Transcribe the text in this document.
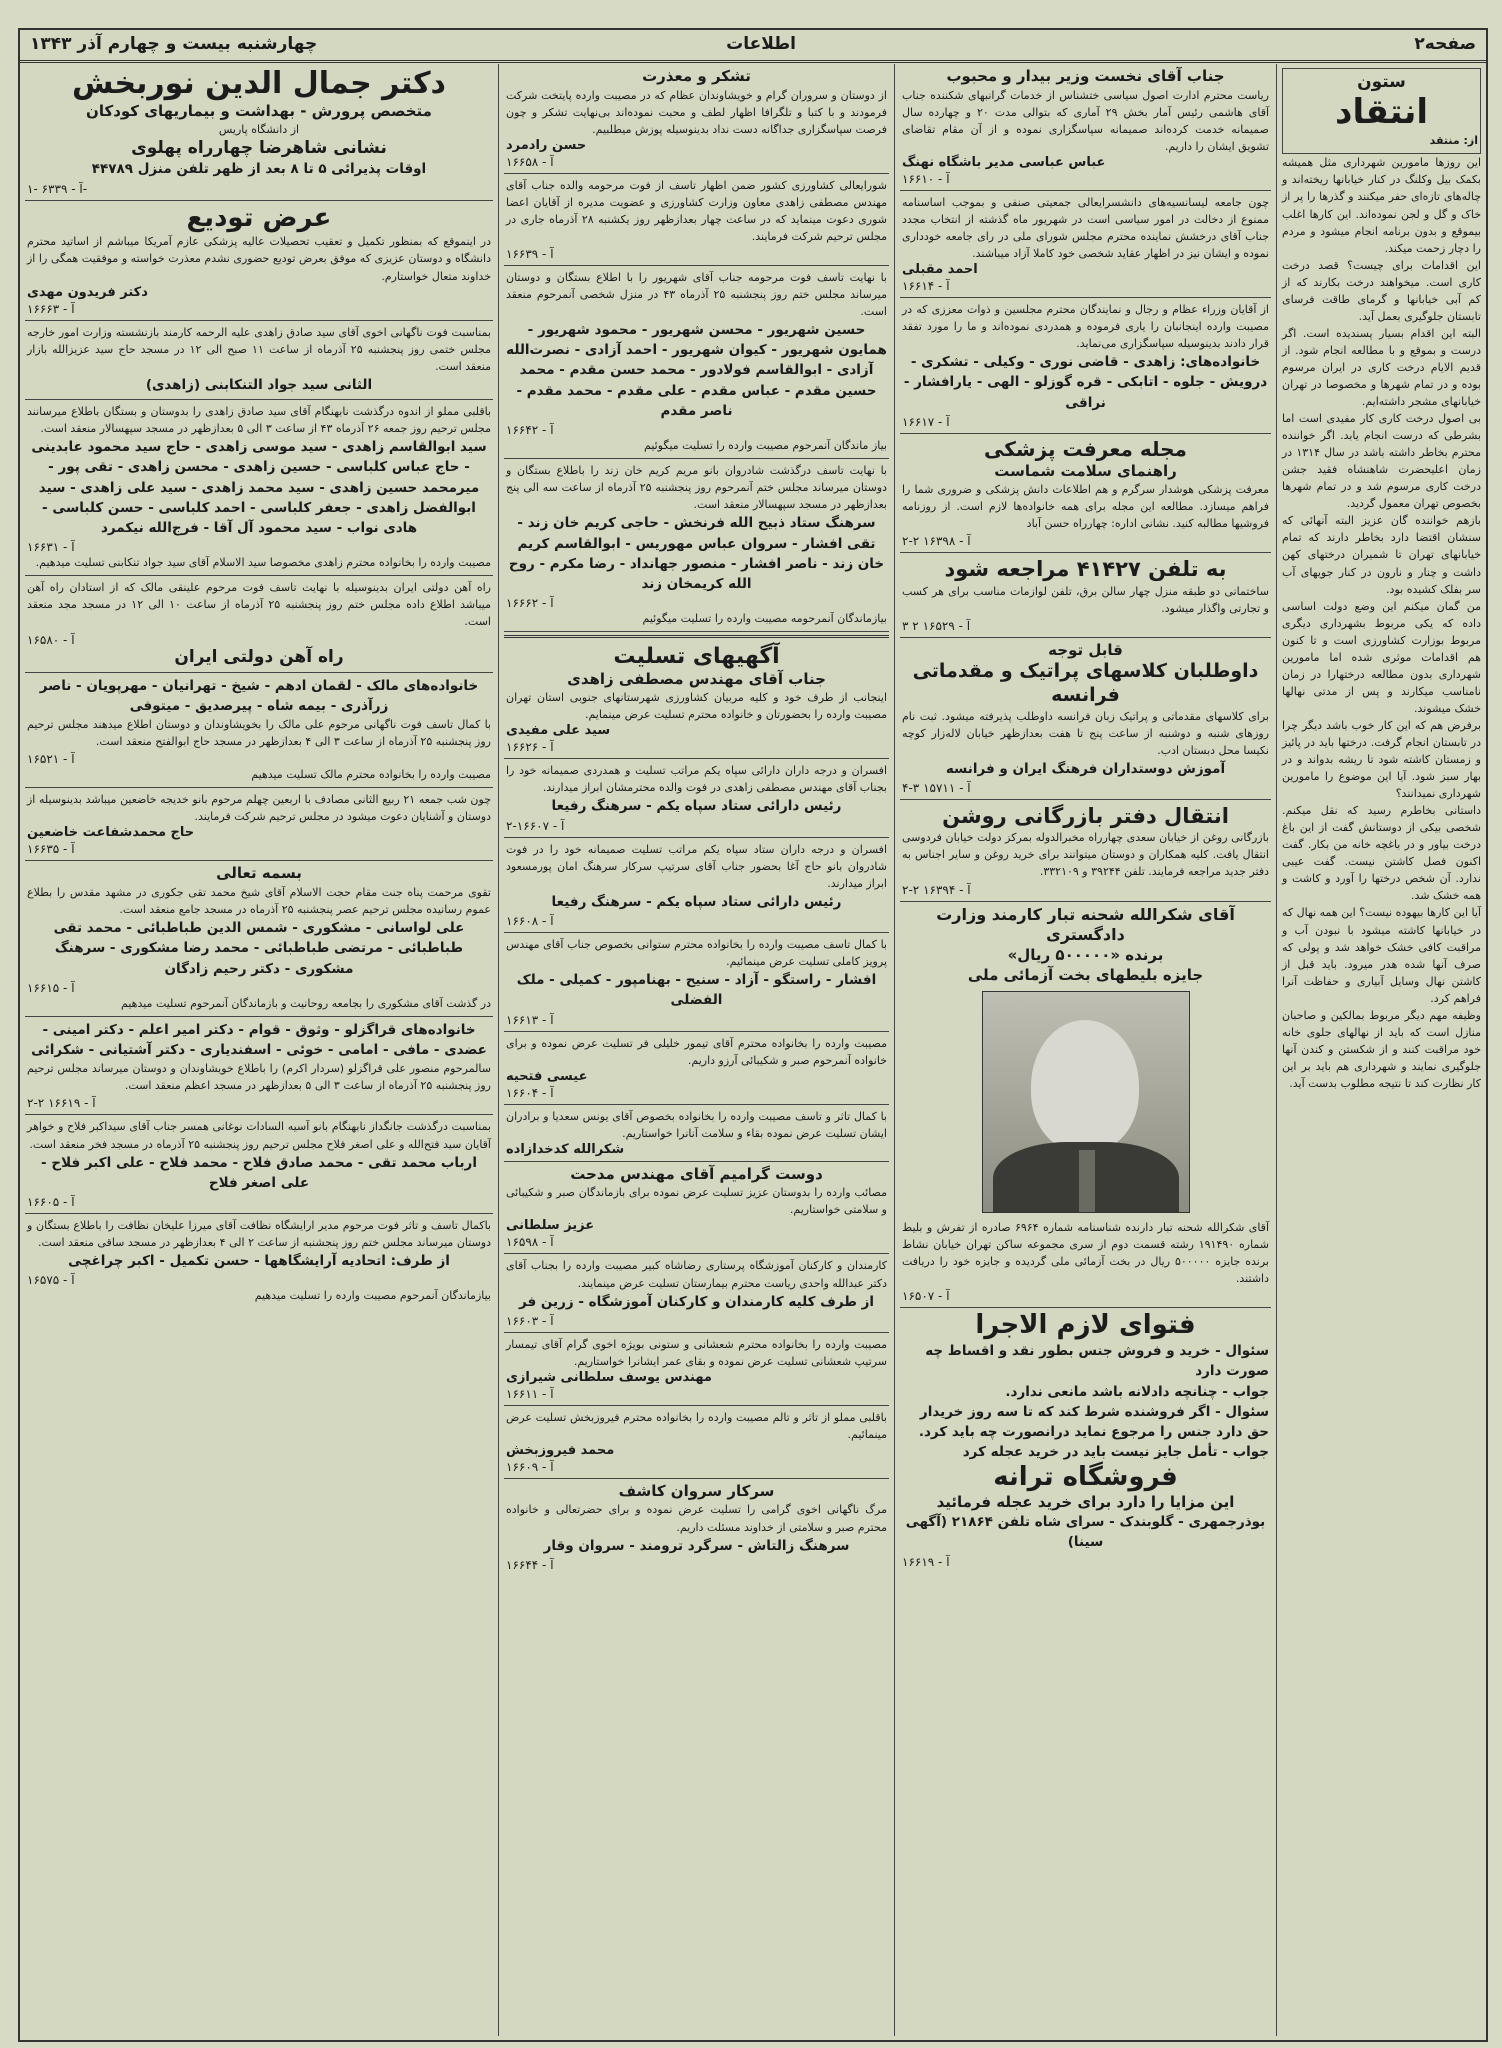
صفحه۲
اطلاعات
چهارشنبه بیست و چهارم آذر ۱۳۴۳
ستون
انتقاد
از: منتقد
این روزها مامورین شهرداری مثل همیشه بکمک بیل وکلنگ در کنار خیابانها ریخته‌اند و چاله‌های تازه‌ای حفر میکنند و گذرها را پر از خاک و گل و لجن نموده‌اند. این کارها اغلب بیموقع و بدون برنامه انجام میشود و مردم را دچار زحمت میکند.
این اقدامات برای چیست؟ قصد درخت کاری است. میخواهند درخت بکارند که از کم آبی خیابانها و گرمای طاقت فرسای تابستان جلوگیری بعمل آید.
البته این اقدام بسیار پسندیده است. اگر درست و بموقع و با مطالعه انجام شود. از قدیم الایام درخت کاری در ایران مرسوم بوده و در تمام شهرها و مخصوصا در تهران خیابانهای مشجر داشته‌ایم.
بی اصول درخت کاری کار مفیدی است اما بشرطی که درست انجام یابد. اگر خواننده محترم بخاطر داشته باشد در سال ۱۳۱۴ در زمان اعلیحضرت شاهنشاه فقید جشن درخت کاری مرسوم شد و در تمام شهرها بخصوص تهران معمول گردید.
بازهم خواننده گان عزیز البته آنهائی که سنشان اقتضا دارد بخاطر دارند که تمام خیابانهای تهران تا شمیران درختهای کهن داشت و چنار و نارون در کنار جویهای آب سر بفلک کشیده بود.
من گمان میکنم این وضع دولت اساسی داده که یکی مربوط بشهرداری دیگری مربوط بوزارت کشاورزی است و تا کنون هم اقدامات موثری شده اما مامورین شهرداری بدون مطالعه درختهارا در زمان نامناسب میکارند و پس از مدتی نهالها خشک میشوند.
برفرض هم که این کار خوب باشد دیگر چرا در تابستان انجام گرفت. درختها باید در پائیز و زمستان کاشته شود تا ریشه بدواند و در بهار سبز شود. آیا این موضوع را مامورین شهرداری نمیدانند؟
داستانی بخاطرم رسید که نقل میکنم. شخصی بیکی از دوستانش گفت از این باغ درخت بیاور و در باغچه خانه من بکار. گفت اکنون فصل کاشتن نیست. گفت عیبی ندارد. آن شخص درختها را آورد و کاشت و همه خشک شد.
آیا این کارها بیهوده نیست؟ این همه نهال که در خیابانها کاشته میشود با نبودن آب و مراقبت کافی خشک خواهد شد و پولی که صرف آنها شده هدر میرود. باید قبل از کاشتن نهال وسایل آبیاری و حفاظت آنرا فراهم کرد.
وظیفه مهم دیگر مربوط بمالکین و صاحبان منازل است که باید از نهالهای جلوی خانه خود مراقبت کنند و از شکستن و کندن آنها جلوگیری نمایند و شهرداری هم باید بر این کار نظارت کند تا نتیجه مطلوب بدست آید.
جناب آقای نخست وزیر بیدار و محبوب
ریاست محترم ادارت اصول سیاسی ختشناس از خدمات گرانبهای شکننده جناب آقای هاشمی رئیس آمار بخش ۲۹ آماری که بتوالی مدت ۲۰ و چهارده سال صمیمانه خدمت کرده‌اند صمیمانه سپاسگزاری نموده و از آن مقام تقاضای تشویق ایشان را داریم.
عباس عباسی مدیر باشگاه نهنگ
آ - ۱۶۶۱۰
چون جامعه لیسانسیه‌های دانشسرایعالی جمعیتی صنفی و بموجب اساسنامه ممنوع از دخالت در امور سیاسی است در شهریور ماه گذشته از انتخاب مجدد جناب آقای درخشش نماینده محترم مجلس شورای ملی در رای جامعه خودداری نموده و ایشان نیز در اظهار عقاید شخصی خود کاملا آزاد میباشند.
احمد مقبلی
آ - ۱۶۶۱۴
از آقایان وزراء عظام و رجال و نمایندگان محترم مجلسین و ذوات معززی که در مصیبت وارده اینجانبان را یاری فرموده و همدردی نموده‌اند و ما را مورد تفقد قرار دادند بدینوسیله سپاسگزاری می‌نماید.
خانواده‌های: زاهدی - قاضی نوری - وکیلی - تشکری - درویش - جلوه - اتابکی - قره گوزلو - الهی - یارافشار - نراقی
آ - ۱۶۶۱۷
مجله معرفت پزشکی
راهنمای سلامت شماست
معرفت پزشکی هوشدار سرگرم و هم اطلاعات دانش پزشکی و ضروری شما را فراهم میسازد. مطالعه این مجله برای همه خانواده‌ها لازم است. از روزنامه فروشیها مطالبه کنید. نشانی اداره: چهارراه حسن آباد
آ - ۱۶۳۹۸ ۲-۲
به تلفن ۴۱۴۲۷ مراجعه شود
ساختمانی دو طبقه منزل چهار سالن برق، تلفن لوازمات مناسب برای هر کسب و تجارتی واگذار میشود.
آ - ۱۶۵۲۹ ۲ ۳
قابل توجه
داوطلبان کلاسهای پراتیک و مقدماتی فرانسه
برای کلاسهای مقدماتی و پراتیک زبان فرانسه داوطلب پذیرفته میشود. ثبت نام روزهای شنبه و دوشنبه از ساعت پنج تا هفت بعدازظهر خیابان لاله‌زار کوچه نکیسا محل دبستان ادب.
آموزش دوستداران فرهنگ ایران و فرانسه
آ - ۱۵۷۱۱ ۳-۴
انتقال دفتر بازرگانی روشن
بازرگانی روغن از خیابان سعدی چهارراه مخبرالدوله بمرکز دولت خیابان فردوسی انتقال یافت. کلیه همکاران و دوستان میتوانند برای خرید روغن و سایر اجناس به دفتر جدید مراجعه فرمایند. تلفن ۳۹۲۴۴ و ۳۳۲۱۰۹.
آ - ۱۶۳۹۴ ۲-۲
آقای شکرالله شحنه تبار کارمند وزارت دادگستری
برنده «۵۰۰۰۰۰ ریال»
جایزه بلیطهای بخت آزمائی ملی
آقای شکرالله شحنه تبار دارنده شناسنامه شماره ۶۹۶۴ صادره از تفرش و بلیط شماره ۱۹۱۴۹۰ رشته قسمت دوم از سری مجموعه ساکن تهران خیابان نشاط برنده جایزه ۵۰۰۰۰۰ ریال در بخت آزمائی ملی گردیده و جایزه خود را دریافت داشتند.
آ - ۱۶۵۰۷
فتوای لازم الاجرا
سئوال - خرید و فروش جنس بطور نقد و اقساط چه صورت دارد
جواب - چنانچه دادلانه باشد مانعی ندارد.
سئوال - اگر فروشنده شرط کند که تا سه روز خریدار حق دارد جنس را مرجوع نماید درانصورت چه باید کرد.
جواب - تأمل جایز نیست باید در خرید عجله کرد
فروشگاه ترانه
این مزایا را دارد برای خرید عجله فرمائید
بوذرجمهری - گلوبندک - سرای شاه تلفن ۲۱۸۶۴ (آگهی سینا)
آ - ۱۶۶۱۹
تشکر و معذرت
از دوستان و سروران گرام و خویشاوندان عظام که در مصیبت وارده پایتخت شرکت فرمودند و با کتبا و تلگرافا اظهار لطف و محبت نموده‌اند بی‌نهایت تشکر و چون فرصت سپاسگزاری جداگانه دست نداد بدینوسیله پوزش میطلبیم.
حسن رادمرد
آ - ۱۶۶۵۸
شورایعالی کشاورزی کشور ضمن اظهار تاسف از فوت مرحومه والده جناب آقای مهندس مصطفی زاهدی معاون وزارت کشاورزی و عضویت مدیره از آقایان اعضا شوری دعوت مینماید که در ساعت چهار بعدازظهر روز یکشنبه ۲۸ آذرماه جاری در مجلس ترحیم شرکت فرمایند.
آ - ۱۶۶۳۹
با نهایت تاسف فوت مرحومه جناب آقای شهریور را با اطلاع بستگان و دوستان میرساند مجلس ختم روز پنجشنبه ۲۵ آذرماه ۴۳ در منزل شخصی آنمرحوم منعقد است.
حسین شهریور - محسن شهریور - محمود شهریور - همایون شهریور - کیوان شهریور - احمد آزادی - نصرت‌الله آزادی - ابوالقاسم فولادور - محمد حسن مقدم - محمد حسین مقدم - عباس مقدم - علی مقدم - محمد مقدم - ناصر مقدم
آ - ۱۶۶۴۲
بیاز ماندگان آنمرحوم مصیبت وارده را تسلیت میگوئیم
با نهایت تاسف درگذشت شادروان بانو مریم کریم خان زند را باطلاع بستگان و دوستان میرساند مجلس ختم آنمرحوم روز پنجشنبه ۲۵ آذرماه از ساعت سه الی پنج بعدازظهر در مسجد سپهسالار منعقد است.
سرهنگ ستاد ذبیح الله فرنخش - حاجی کریم خان زند - تقی افشار - سروان عباس مهوریس - ابوالقاسم کریم خان زند - ناصر افشار - منصور جهانداد - رضا مکرم - روح الله کریمخان زند
آ - ۱۶۶۶۲
بیازماندگان آنمرحومه مصیبت وارده را تسلیت میگوئیم
آگهیهای تسلیت
جناب آقای مهندس مصطفی زاهدی
اینجانب از طرف خود و کلیه مربیان کشاورزی شهرستانهای جنوبی استان تهران مصیبت وارده را بحضورتان و خانواده محترم تسلیت عرض مینمایم.
سید علی مفیدی
آ - ۱۶۶۲۶
افسران و درجه داران دارائی سپاه یکم مراتب تسلیت و همدردی صمیمانه خود را بجناب آقای مهندس مصطفی زاهدی در فوت والده محترمشان ابراز میدارند.
رئیس دارائی ستاد سپاه یکم - سرهنگ رفیعا
آ - ۱۶۶۰۷-۲
افسران و درجه داران ستاد سپاه یکم مراتب تسلیت صمیمانه خود را در فوت شادروان بانو حاج آغا بحضور جناب آقای سرتیپ سرکار سرهنگ امان پورمسعود ابراز میدارند.
رئیس دارائی ستاد سپاه یکم - سرهنگ رفیعا
آ - ۱۶۶۰۸
با کمال تاسف مصیبت وارده را بخانواده محترم ستوانی بخصوص جناب آقای مهندس پرویز کاملی تسلیت عرض مینمائیم.
افشار - راستگو - آزاد - سنیح - بهنامپور - کمیلی - ملک الفضلی
آ - ۱۶۶۱۳
مصیبت وارده را بخانواده محترم آقای تیمور خلیلی فر تسلیت عرض نموده و برای خانواده آنمرحوم صبر و شکیبائی آرزو داریم.
عیسی فتحیه
آ - ۱۶۶۰۴
با کمال تاثر و تاسف مصیبت وارده را بخانواده بخصوص آقای یونس سعدیا و برادران ایشان تسلیت عرض نموده بقاء و سلامت آنانرا خواستاریم.
شکرالله کدخدازاده
دوست گرامیم آقای مهندس مدحت
مصائب وارده را بدوستان عزیز تسلیت عرض نموده برای بازماندگان صبر و شکیبائی و سلامتی خواستاریم.
عزیز سلطانی
آ - ۱۶۵۹۸
کارمندان و کارکنان آموزشگاه پرستاری رضاشاه کبیر مصیبت وارده را بجناب آقای دکتر عبدالله واحدی ریاست محترم بیمارستان تسلیت عرض مینمایند.
از طرف کلیه کارمندان و کارکنان آموزشگاه - زرین فر
آ - ۱۶۶۰۳
مصیبت وارده را بخانواده محترم شعشانی و ستونی بویژه اخوی گرام آقای تیمسار سرتیپ شعشانی تسلیت عرض نموده و بقای عمر ایشانرا خواستاریم.
مهندس یوسف سلطانی شیرازی
آ - ۱۶۶۱۱
باقلبی مملو از تاثر و تالم مصیبت وارده را بخانواده محترم فیروزبخش تسلیت عرض مینمائیم.
محمد فیروزبخش
آ - ۱۶۶۰۹
سرکار سروان کاشف
مرگ ناگهانی اخوی گرامی را تسلیت عرض نموده و برای حضرتعالی و خانواده محترم صبر و سلامتی از خداوند مسئلت داریم.
سرهنگ زالتاش - سرگرد ترومند - سروان وقار
آ - ۱۶۶۴۴
دکتر جمال الدین نوربخش
متخصص پرورش - بهداشت و بیماریهای کودکان
از دانشگاه پاریس
نشانی شاهرضا چهارراه پهلوی
اوقات پذیرائی ۵ تا ۸ بعد از ظهر تلفن منزل ۴۴۷۸۹
آ - ۶۳۳۹ -۱-
عرض تودیع
در اینموقع که بمنظور تکمیل و تعقیب تحصیلات عالیه پزشکی عازم آمریکا میباشم از اساتید محترم دانشگاه و دوستان عزیزی که موفق بعرض تودیع حضوری نشدم معذرت خواسته و موفقیت همگی را از خداوند متعال خواستارم.
دکتر فریدون مهدی
آ - ۱۶۶۶۳
بمناسبت فوت ناگهانی اخوی آقای سید صادق زاهدی علیه الرحمه کارمند بازنشسته وزارت امور خارجه مجلس ختمی روز پنجشنبه ۲۵ آذرماه از ساعت ۱۱ صبح الی ۱۲ در مسجد حاج سید عزیزالله بازار منعقد است.
الثانی سید جواد التنکابنی (زاهدی)
باقلبی مملو از اندوه درگذشت نابهنگام آقای سید صادق زاهدی را بدوستان و بستگان باطلاع میرسانند مجلس ترحیم روز جمعه ۲۶ آذرماه ۴۳ از ساعت ۳ الی ۵ بعدازظهر در مسجد سپهسالار منعقد است.
سید ابوالقاسم زاهدی - سید موسی زاهدی - حاج سید محمود عابدینی - حاج عباس کلباسی - حسین زاهدی - محسن زاهدی - تقی پور - میرمحمد حسین زاهدی - سید محمد زاهدی - سید علی زاهدی - سید ابوالفضل زاهدی - جعفر کلباسی - احمد کلباسی - حسن کلباسی - هادی نواب - سید محمود آل آقا - فرج‌الله نیکمرد
آ - ۱۶۶۳۱
مصیبت وارده را بخانواده محترم زاهدی مخصوصا سید الاسلام آقای سید جواد تنکابنی تسلیت میدهیم.
راه آهن دولتی ایران بدینوسیله با نهایت تاسف فوت مرحوم علینقی مالک که از استادان راه آهن میباشد اطلاع داده مجلس ختم روز پنجشنبه ۲۵ آذرماه از ساعت ۱۰ الی ۱۲ در مسجد مجد منعقد است.
آ - ۱۶۵۸۰
راه آهن دولتی ایران
خانواده‌های مالک - لقمان ادهم - شیخ - تهرانیان - مهرپویان - ناصر زرآذری - بیمه شاه - پیرصدیق - میتوفی
با کمال تاسف فوت ناگهانی مرحوم علی مالک را بخویشاوندان و دوستان اطلاع میدهند مجلس ترحیم روز پنجشنبه ۲۵ آذرماه از ساعت ۳ الی ۴ بعدازظهر در مسجد حاج ابوالفتح منعقد است.
آ - ۱۶۵۲۱
مصیبت وارده را بخانواده محترم مالک تسلیت میدهیم
چون شب جمعه ۲۱ ربیع الثانی مصادف با اربعین چهلم مرحوم بانو خدیجه خاضعین میباشد بدینوسیله از دوستان و آشنایان دعوت میشود در مجلس ترحیم شرکت فرمایند.
حاج محمدشفاعت خاضعین
آ - ۱۶۶۳۵
بسمه تعالی
تقوی مرحمت پناه جنت مقام حجت الاسلام آقای شیخ محمد تقی جکوری در مشهد مقدس را بطلاع عموم رسانیده مجلس ترحیم عصر پنجشنبه ۲۵ آذرماه در مسجد جامع منعقد است.
علی لواسانی - مشکوری - شمس الدین طباطبائی - محمد تقی طباطبائی - مرتضی طباطبائی - محمد رضا مشکوری - سرهنگ مشکوری - دکتر رحیم زادگان
آ - ۱۶۶۱۵
در گذشت آقای مشکوری را بجامعه روحانیت و بازماندگان آنمرحوم تسلیت میدهیم
خانواده‌های قراگزلو - وثوق - قوام - دکتر امیر اعلم - دکتر امینی - عضدی - مافی - امامی - خوئی - اسفندیاری - دکتر آشتیانی - شکرائی
سالمرحوم منصور علی قراگزلو (سردار اکرم) را باطلاع خویشاوندان و دوستان میرساند مجلس ترحیم روز پنجشنبه ۲۵ آذرماه از ساعت ۳ الی ۵ بعدازظهر در مسجد اعظم منعقد است.
آ - ۱۶۶۱۹ ۲-۲
بمناسبت درگذشت جانگداز نابهنگام بانو آسیه السادات نوغانی همسر جناب آقای سیداکبر فلاح و خواهر آقایان سید فتح‌الله و علی اصغر فلاح مجلس ترحیم روز پنجشنبه ۲۵ آذرماه در مسجد فخر منعقد است.
ارباب محمد تقی - محمد صادق فلاح - محمد فلاح - علی اکبر فلاح - علی اصغر فلاح
آ - ۱۶۶۰۵
باکمال تاسف و تاثر فوت مرحوم مدیر ارایشگاه نظافت آقای میرزا علیخان نظافت را باطلاع بستگان و دوستان میرساند مجلس ختم روز پنجشنبه از ساعت ۲ الی ۴ بعدازظهر در مسجد ساقی منعقد است.
از طرف: اتحادیه آرایشگاهها - حسن تکمیل - اکبر چراغچی
آ - ۱۶۵۷۵
بیازماندگان آنمرحوم مصیبت وارده را تسلیت میدهیم
